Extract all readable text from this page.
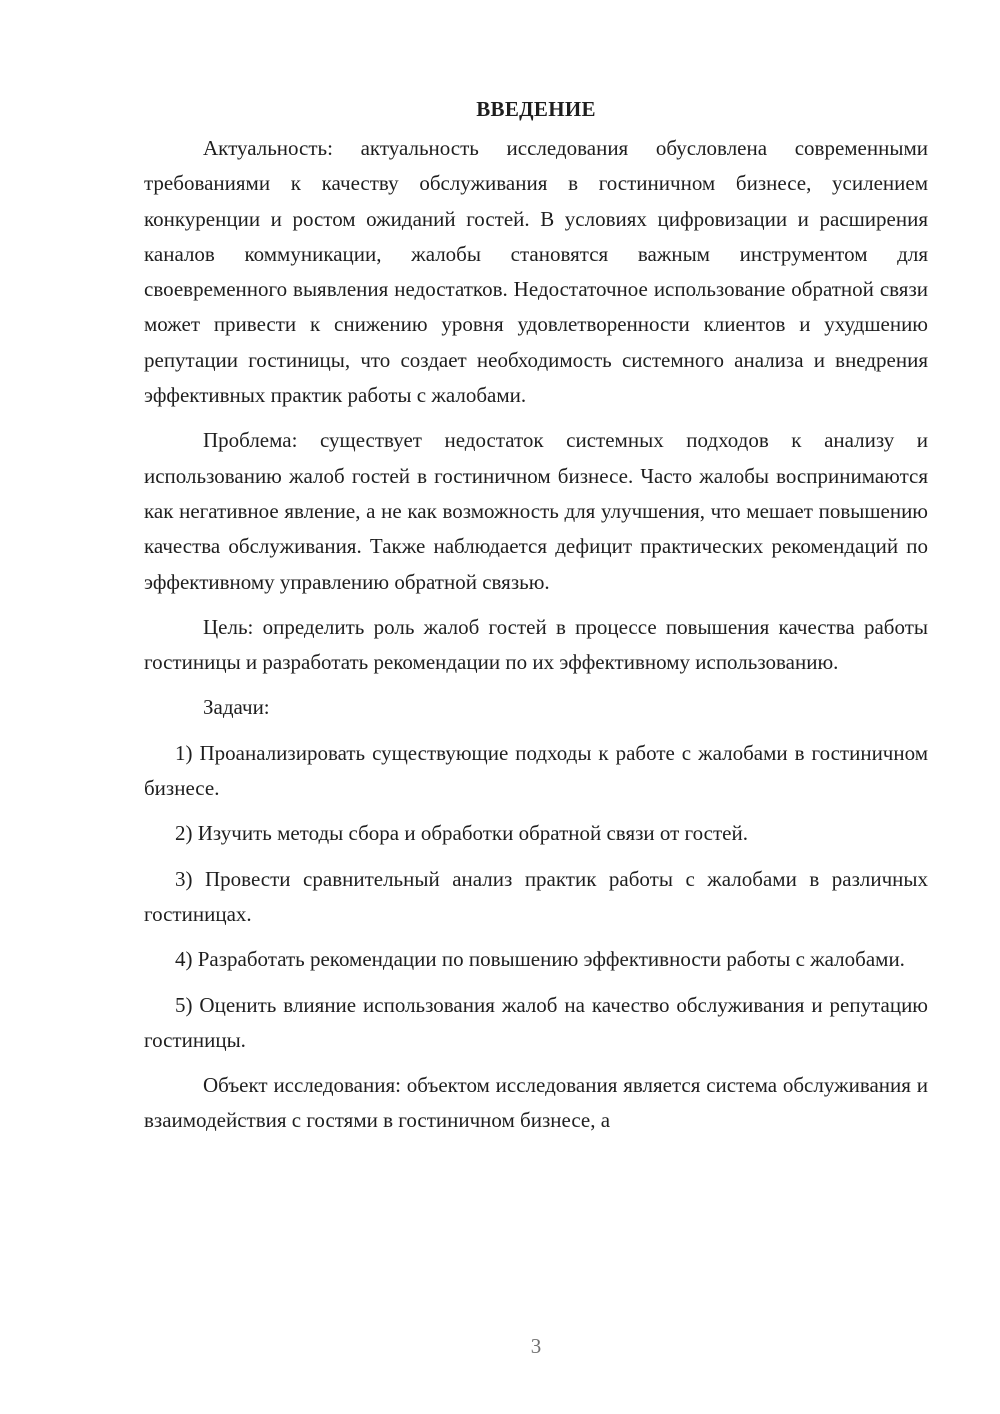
ВВЕДЕНИЕ

Актуальность: актуальность исследования обусловлена современными требованиями к качеству обслуживания в гостиничном бизнесе, усилением конкуренции и ростом ожиданий гостей. В условиях цифровизации и расширения каналов коммуникации, жалобы становятся важным инструментом для своевременного выявления недостатков. Недостаточное использование обратной связи может привести к снижению уровня удовлетворенности клиентов и ухудшению репутации гостиницы, что создает необходимость системного анализа и внедрения эффективных практик работы с жалобами.

Проблема: существует недостаток системных подходов к анализу и использованию жалоб гостей в гостиничном бизнесе. Часто жалобы воспринимаются как негативное явление, а не как возможность для улучшения, что мешает повышению качества обслуживания. Также наблюдается дефицит практических рекомендаций по эффективному управлению обратной связью.

Цель: определить роль жалоб гостей в процессе повышения качества работы гостиницы и разработать рекомендации по их эффективному использованию.

Задачи:

1) Проанализировать существующие подходы к работе с жалобами в гостиничном бизнесе.

2) Изучить методы сбора и обработки обратной связи от гостей.

3) Провести сравнительный анализ практик работы с жалобами в различных гостиницах.

4) Разработать рекомендации по повышению эффективности работы с жалобами.

5) Оценить влияние использования жалоб на качество обслуживания и репутацию гостиницы.

Объект исследования: объектом исследования является система обслуживания и взаимодействия с гостями в гостиничном бизнесе, а

3
